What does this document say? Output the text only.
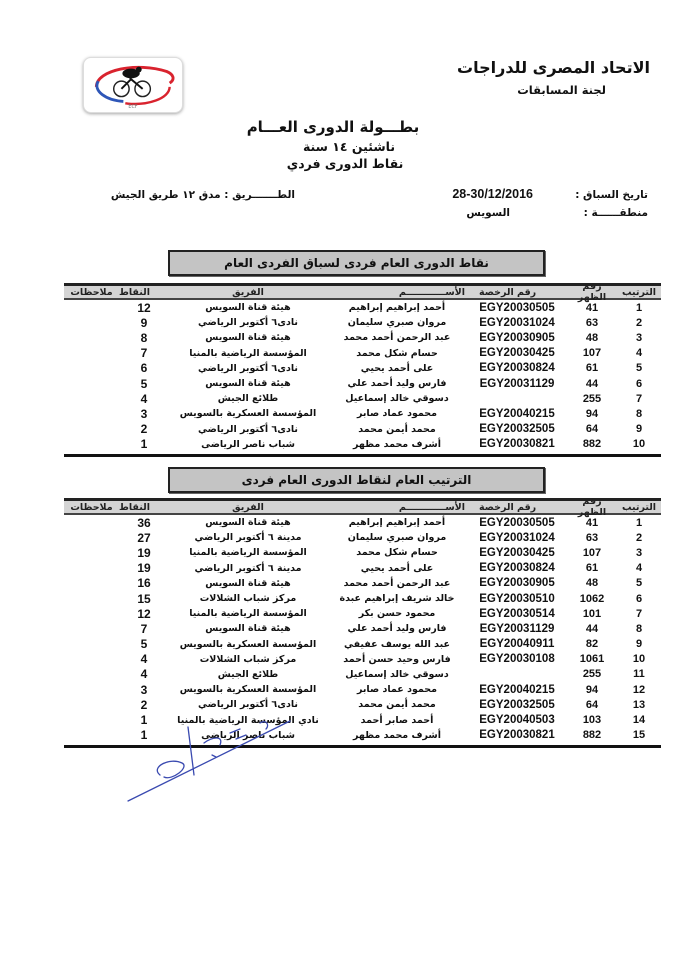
الاتحاد المصرى للدراجات
لجنة المسابقات
ECF
بطـــولة الدورى العـــام
ناشئين ١٤ سنة
نقاط الدورى فردي
تاريخ السباق :
28-30/12/2016
الطـــــــريق : مدق ١٢ طريق الجيش
منطقــــــة :
السويس
نقاط الدورى العام فردى لسباق الفردى العام
الترتيب
رقم الظهر
رقم الرخصة
الأســــــــــــم
الفريق
النقاط
ملاحظات
1
41
EGY20030505
أحمد إبراهيم إبراهيم
هيئة قناة السويس
12
2
63
EGY20031024
مروان صبري سليمان
نادى٦ أكتوبر الرياضي
9
3
48
EGY20030905
عبد الرحمن أحمد محمد
هيئة قناة السويس
8
4
107
EGY20030425
حسام شكل محمد
المؤسسة الرياضية بالمنيا
7
5
61
EGY20030824
على أحمد يحيي
نادى٦ أكتوبر الرياضي
6
6
44
EGY20031129
فارس وليد أحمد علي
هيئة قناة السويس
5
7
255
دسوقي خالد إسماعيل
طلائع الجيش
4
8
94
EGY20040215
محمود عماد صابر
المؤسسة العسكرية بالسويس
3
9
64
EGY20032505
محمد أيمن محمد
نادى٦ أكتوبر الرياضي
2
10
882
EGY20030821
أشرف محمد مظهر
شباب ناصر الرياضى
1
الترتيب العام لنقاط الدورى العام فردى
الترتيب
رقم الظهر
رقم الرخصة
الأســــــــــــم
الفريق
النقاط
ملاحظات
1
41
EGY20030505
أحمد إبراهيم إبراهيم
هيئة قناة السويس
36
2
63
EGY20031024
مروان صبري سليمان
مدينة ٦ أكتوبر الرياضي
27
3
107
EGY20030425
حسام شكل محمد
المؤسسة الرياضية بالمنيا
19
4
61
EGY20030824
على أحمد يحيي
مدينة ٦ أكتوبر الرياضي
19
5
48
EGY20030905
عبد الرحمن أحمد محمد
هيئة قناة السويس
16
6
1062
EGY20030510
خالد شريف إبراهيم عبدة
مركز شباب الشلالات
15
7
101
EGY20030514
محمود حسن بكر
المؤسسة الرياضية بالمنيا
12
8
44
EGY20031129
فارس وليد أحمد علي
هيئة قناة السويس
7
9
82
EGY20040911
عبد الله يوسف عفيفي
المؤسسة العسكرية بالسويس
5
10
1061
EGY20030108
فارس وحيد حسن أحمد
مركز شباب الشلالات
4
11
255
دسوقي خالد إسماعيل
طلائع الجيش
4
12
94
EGY20040215
محمود عماد صابر
المؤسسة العسكرية بالسويس
3
13
64
EGY20032505
محمد أيمن محمد
نادى٦ أكتوبر الرياضي
2
14
103
EGY20040503
أحمد صابر أحمد
نادي المؤسسة الرياضية بالمنيا
1
15
882
EGY20030821
أشرف محمد مظهر
شباب ناصر الرياضى
1
